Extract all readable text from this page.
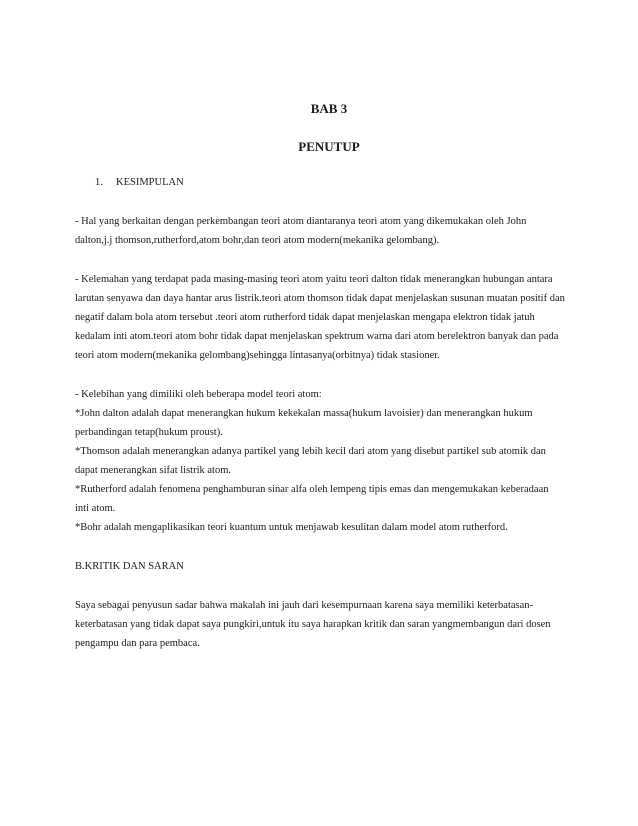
BAB 3
PENUTUP
1. KESIMPULAN

- Hal yang berkaitan dengan perkembangan teori atom diantaranya teori atom yang dikemukakan oleh John
dalton,j.j thomson,rutherford,atom bohr,dan teori atom modern(mekanika gelombang).

- Kelemahan yang terdapat pada masing-masing teori atom yaitu teori dalton tidak menerangkan hubungan antara
larutan senyawa dan daya hantar arus listrik.teori atom thomson tidak dapat menjelaskan susunan muatan positif dan
negatif dalam bola atom tersebut .teori atom rutherford tidak dapat menjelaskan mengapa elektron tidak jatuh
kedalam inti atom.teori atom bohr tidak dapat menjelaskan spektrum warna dari atom berelektron banyak dan pada
teori atom modern(mekanika gelombang)sehingga lintasanya(orbitnya) tidak stasioner.

- Kelebihan yang dimiliki oleh beberapa model teori atom:
*John dalton adalah dapat menerangkan hukum kekekalan massa(hukum lavoisier) dan menerangkan hukum
perbandingan tetap(hukum proust).
*Thomson adalah menerangkan adanya partikel yang lebih kecil dari atom yang disebut partikel sub atomik dan
dapat menerangkan sifat listrik atom.
*Rutherford adalah fenomena penghamburan sinar alfa oleh lempeng tipis emas dan mengemukakan keberadaan
inti atom.
*Bohr adalah mengaplikasikan teori kuantum untuk menjawab kesulitan dalam model atom rutherford.

B.KRITIK DAN SARAN

Saya sebagai penyusun sadar bahwa makalah ini jauh dari kesempurnaan karena saya memiliki keterbatasan-
keterbatasan yang tidak dapat saya pungkiri,untuk itu saya harapkan kritik dan saran yangmembangun dari dosen
pengampu dan para pembaca.
